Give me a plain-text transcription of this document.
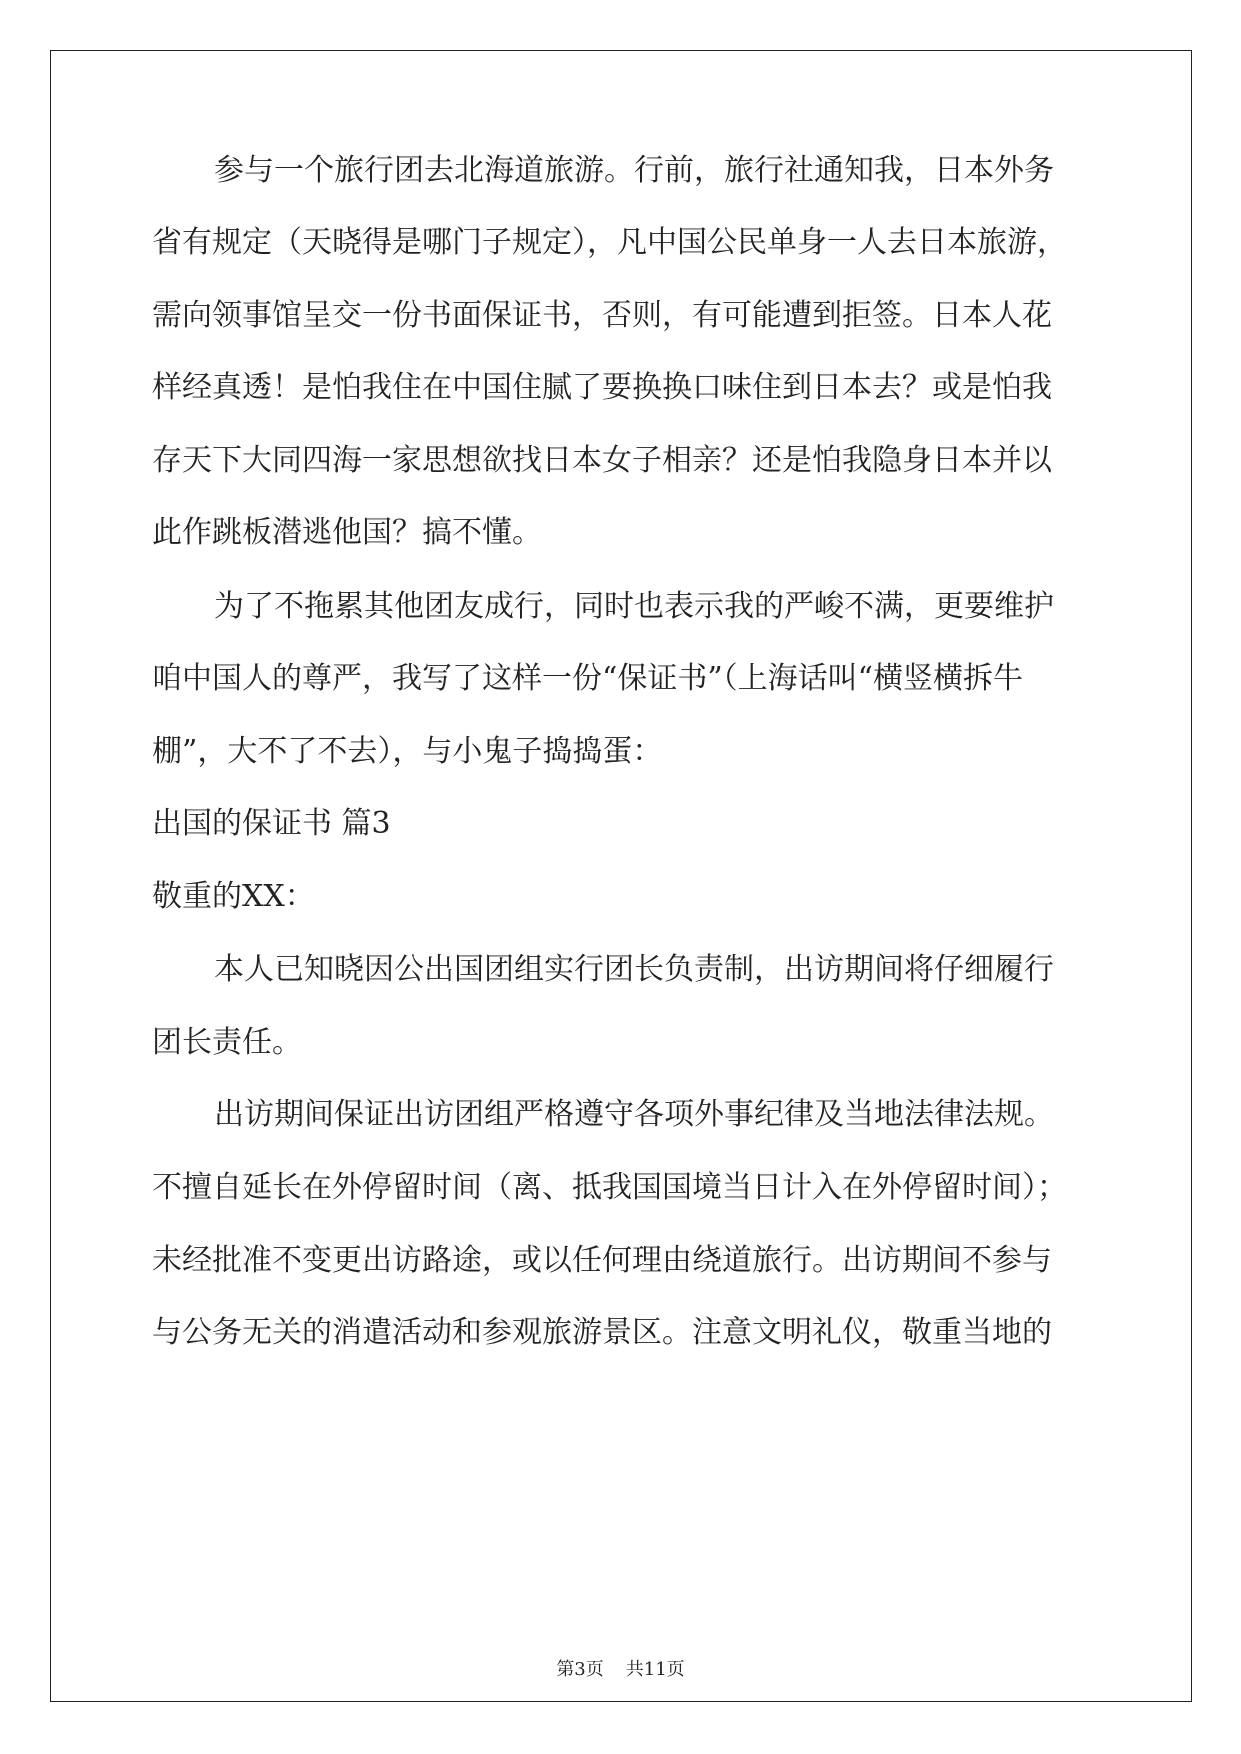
参与一个旅行团去北海道旅游。行前，旅行社通知我，日本外务

省有规定（天晓得是哪门子规定），凡中国公民单身一人去日本旅游，

需向领事馆呈交一份书面保证书，否则，有可能遭到拒签。日本人花

样经真透！是怕我住在中国住腻了要换换口味住到日本去？或是怕我

存天下大同四海一家思想欲找日本女子相亲？还是怕我隐身日本并以

此作跳板潜逃他国？搞不懂。

为了不拖累其他团友成行，同时也表示我的严峻不满，更要维护

咱中国人的尊严，我写了这样一份“保证书”（上海话叫“横竖横拆牛

棚”，大不了不去），与小鬼子捣捣蛋：

出国的保证书 篇3

敬重的XX：

本人已知晓因公出国团组实行团长负责制，出访期间将仔细履行

团长责任。

出访期间保证出访团组严格遵守各项外事纪律及当地法律法规。

不擅自延长在外停留时间（离、抵我国国境当日计入在外停留时间）；

未经批准不变更出访路途，或以任何理由绕道旅行。出访期间不参与

与公务无关的消遣活动和参观旅游景区。注意文明礼仪，敬重当地的

第3页 共11页
